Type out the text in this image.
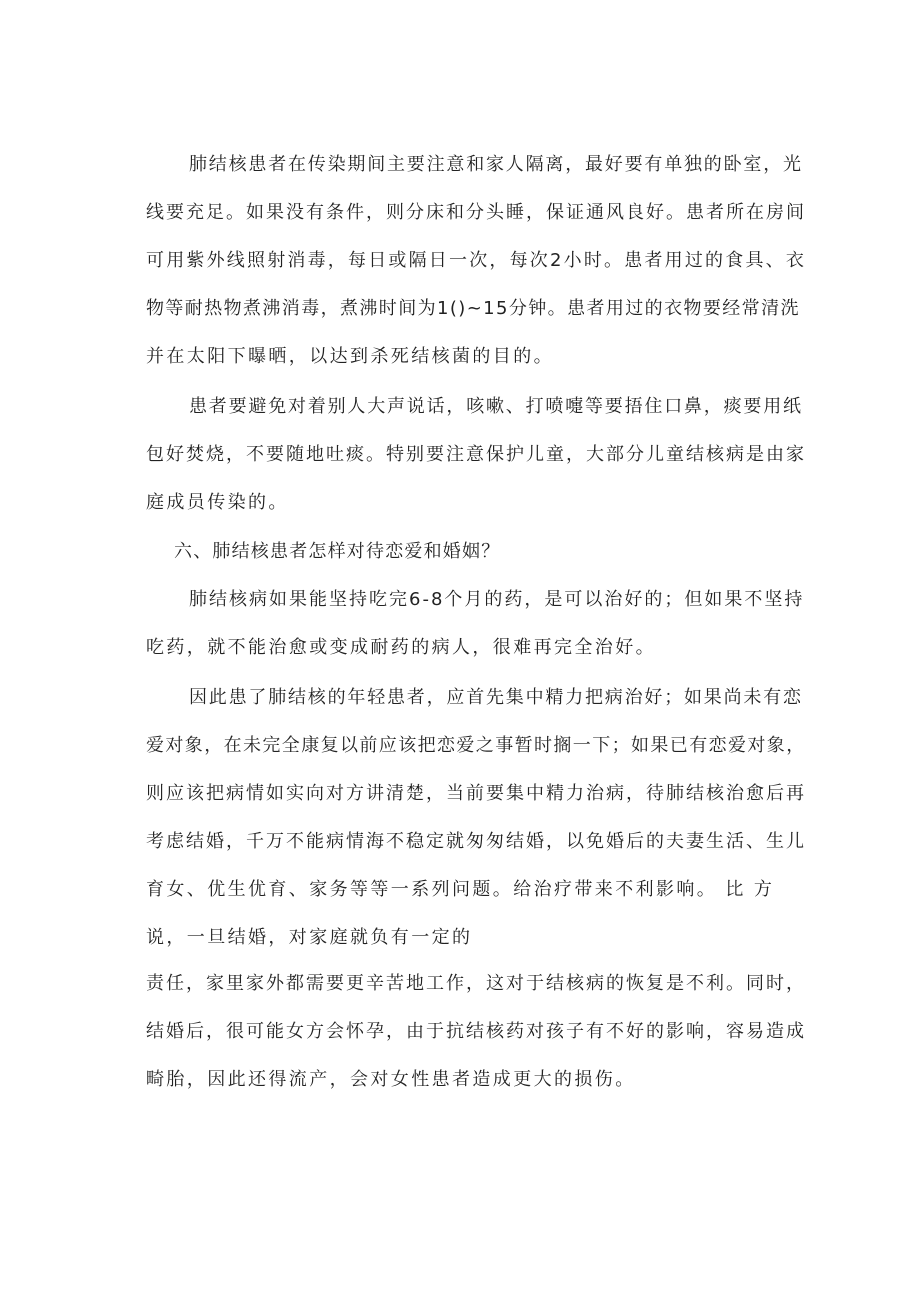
肺结核患者在传染期间主要注意和家人隔离，最好要有单独的卧室，光
线要充足。如果没有条件，则分床和分头睡，保证通风良好。患者所在房间
可用紫外线照射消毒，每日或隔日一次，每次2小时。患者用过的食具、衣
物等耐热物煮沸消毒，煮沸时间为1()~15分钟。患者用过的衣物要经常清洗
并在太阳下曝晒，以达到杀死结核菌的目的。
患者要避免对着别人大声说话，咳嗽、打喷嚏等要捂住口鼻，痰要用纸
包好焚烧，不要随地吐痰。特别要注意保护儿童，大部分儿童结核病是由家
庭成员传染的。
六、肺结核患者怎样对待恋爱和婚姻？
肺结核病如果能坚持吃完6-8个月的药，是可以治好的；但如果不坚持
吃药，就不能治愈或变成耐药的病人，很难再完全治好。
因此患了肺结核的年轻患者，应首先集中精力把病治好；如果尚未有恋
爱对象，在未完全康复以前应该把恋爱之事暂时搁一下；如果已有恋爱对象，
则应该把病情如实向对方讲清楚，当前要集中精力治病，待肺结核治愈后再
考虑结婚，千万不能病情海不稳定就匆匆结婚，以免婚后的夫妻生活、生儿
育女、优生优育、家务等等一系列问题。给治疗带来不利影响。 比 方
说，一旦结婚，对家庭就负有一定的
责任，家里家外都需要更辛苦地工作，这对于结核病的恢复是不利。同时，
结婚后，很可能女方会怀孕，由于抗结核药对孩子有不好的影响，容易造成
畸胎，因此还得流产，会对女性患者造成更大的损伤。
